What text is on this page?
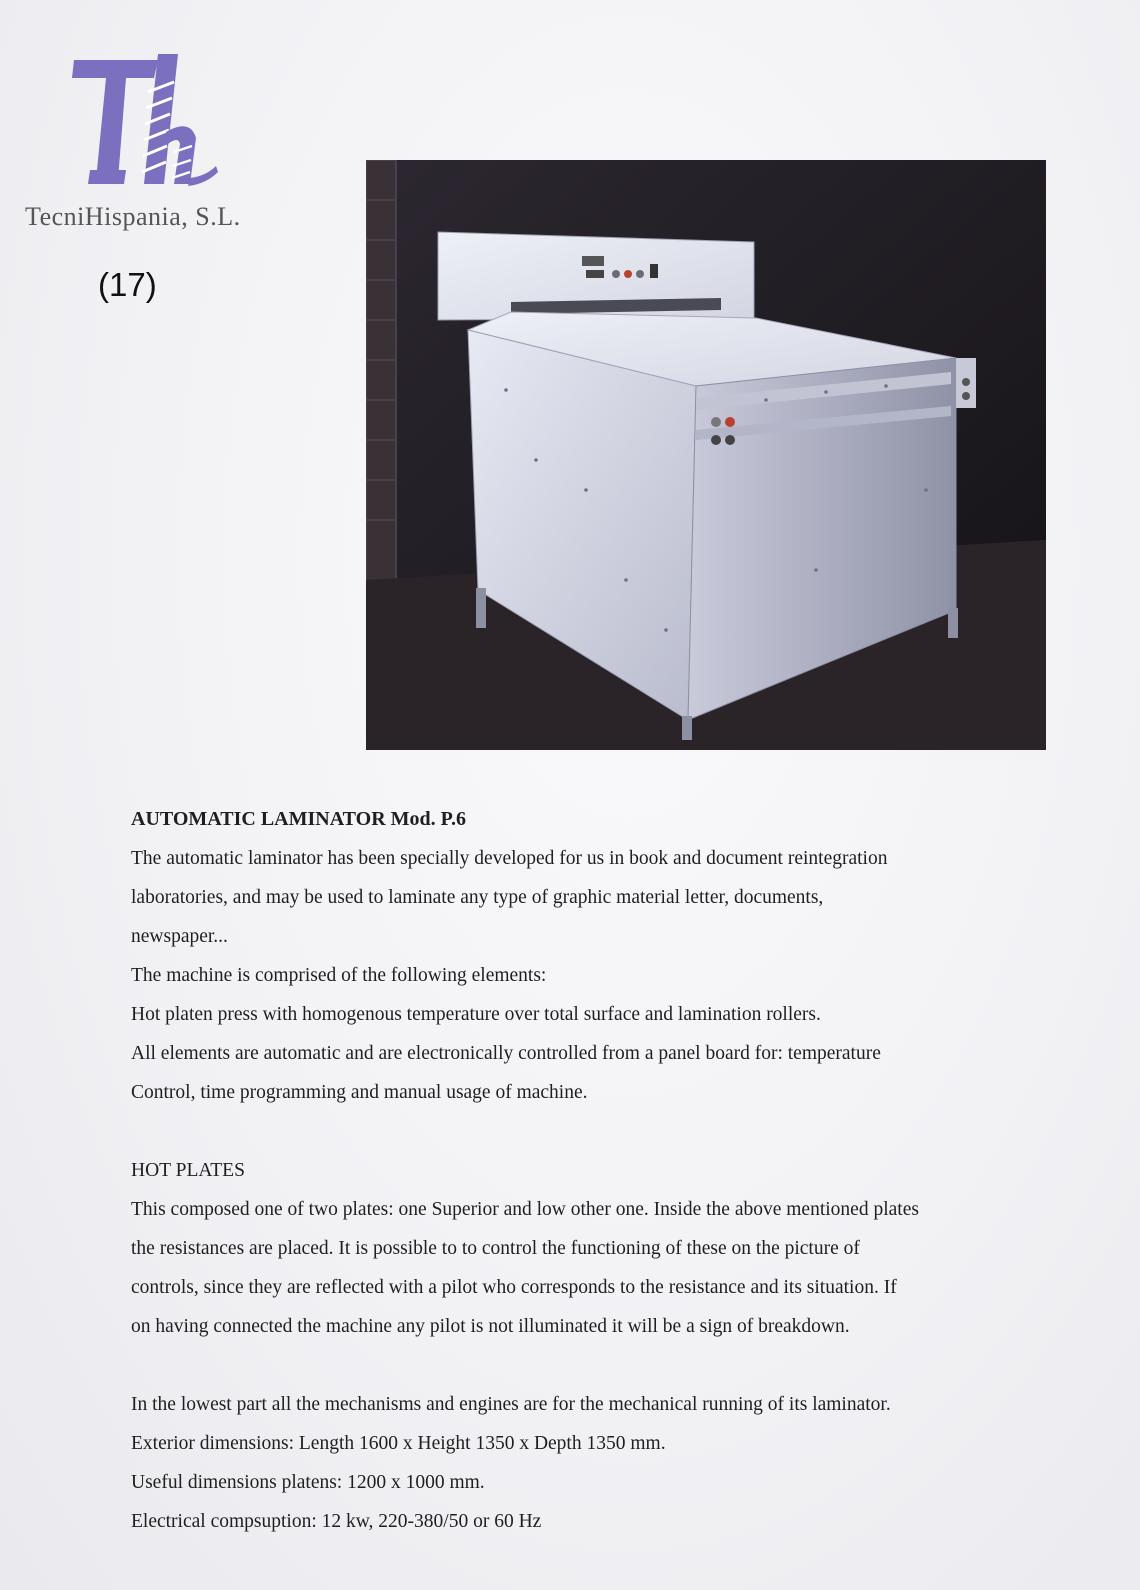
TecniHispania, S.L.
(17)

AUTOMATIC LAMINATOR Mod. P.6

The automatic laminator has been specially developed for us in book and document reintegration

laboratories, and may be used to laminate any type of graphic material letter, documents,

newspaper...

The machine is comprised of the following elements:

Hot platen press with homogenous temperature over total surface and lamination rollers.

All elements are automatic and are electronically controlled from a panel board for: temperature

Control, time programming and manual usage of machine.

HOT PLATES

This composed one of two plates: one Superior and low other one. Inside the above mentioned plates

the resistances are placed. It is possible to to control the functioning of these on the picture of

controls, since they are reflected with a pilot who corresponds to the resistance and its situation. If

on having connected the machine any pilot is not illuminated it will be a sign of breakdown.

In the lowest part all the mechanisms and engines are for the mechanical running of its laminator.

Exterior dimensions: Length 1600 x Height 1350 x Depth 1350 mm.

Useful dimensions platens: 1200 x 1000 mm.

Electrical compsuption: 12 kw, 220-380/50 or 60 Hz
